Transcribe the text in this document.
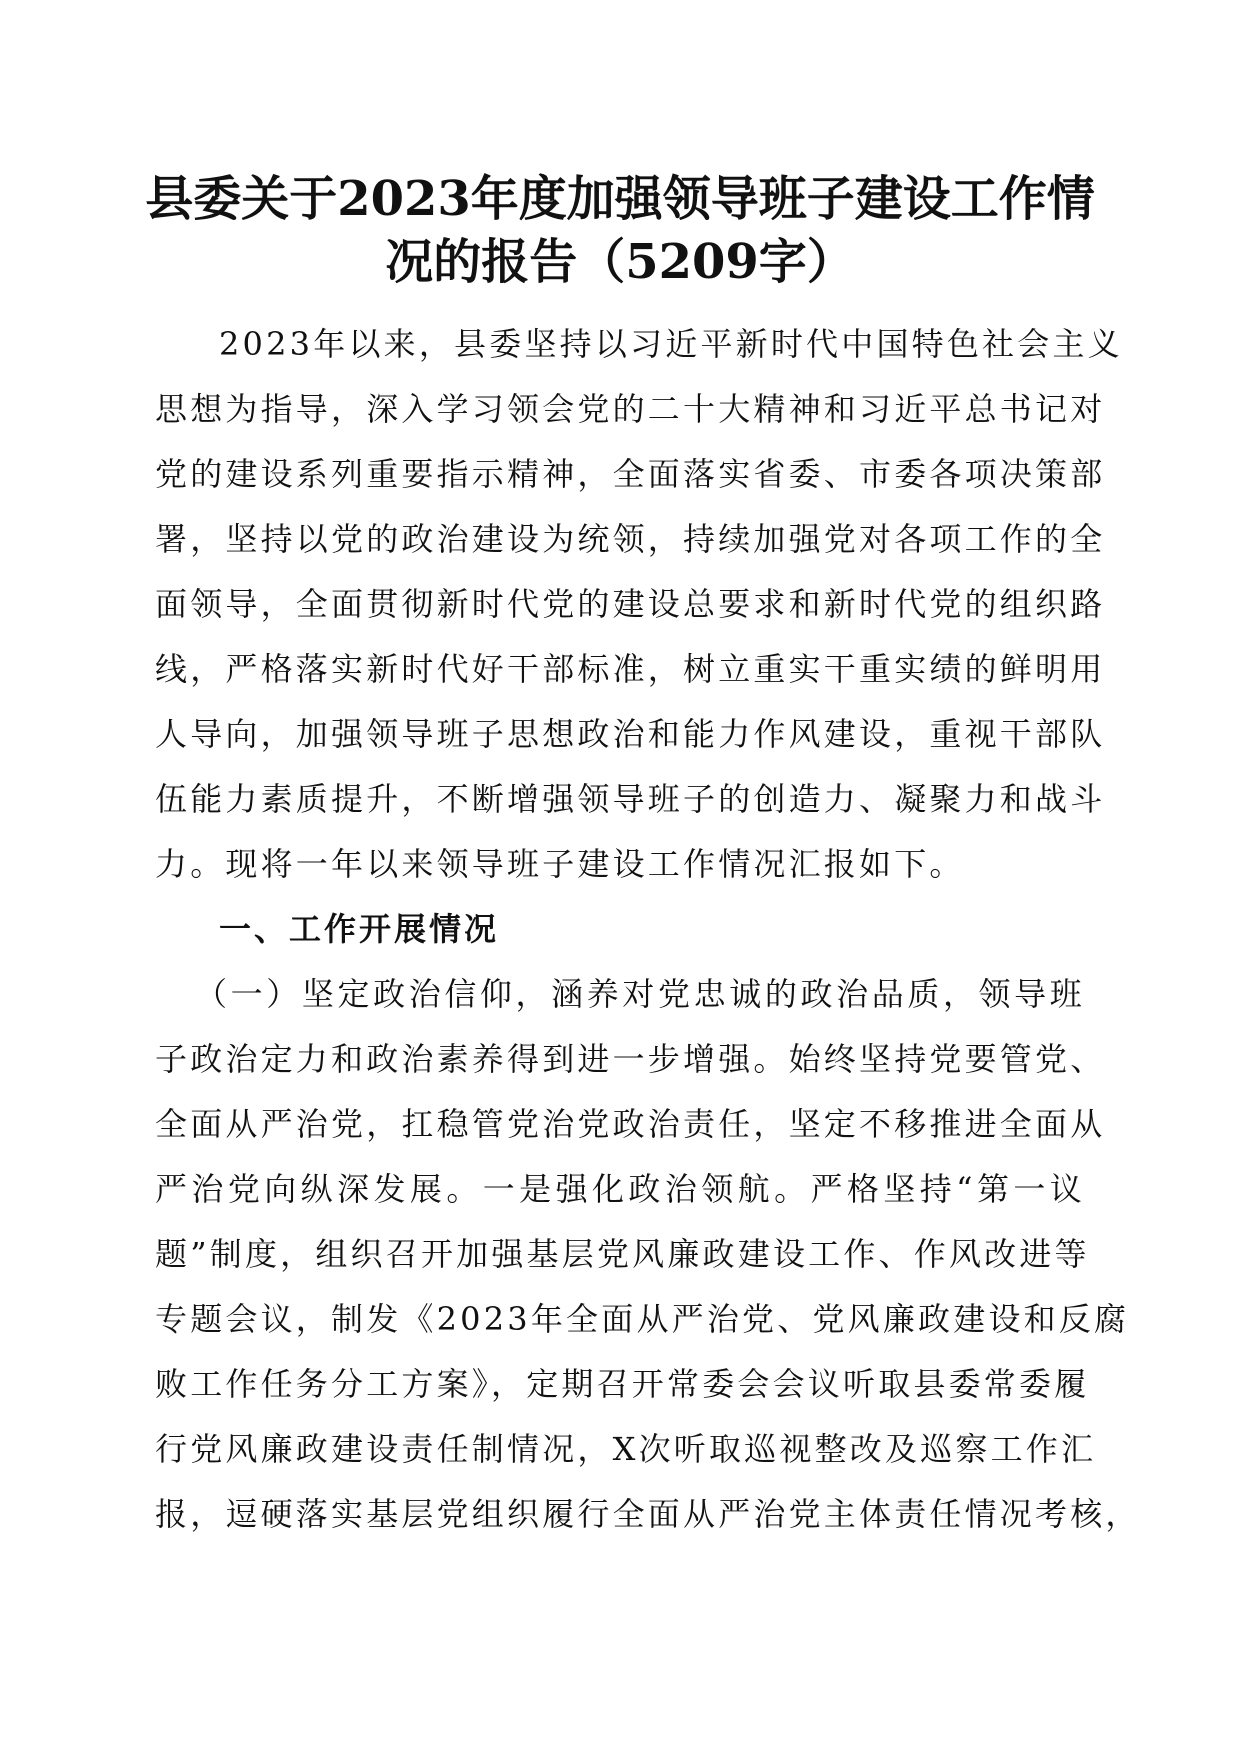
县委关于2023年度加强领导班子建设工作情
况的报告（5209字）
2023年以来，县委坚持以习近平新时代中国特色社会主义
思想为指导，深入学习领会党的二十大精神和习近平总书记对
党的建设系列重要指示精神，全面落实省委、市委各项决策部
署，坚持以党的政治建设为统领，持续加强党对各项工作的全
面领导，全面贯彻新时代党的建设总要求和新时代党的组织路
线，严格落实新时代好干部标准，树立重实干重实绩的鲜明用
人导向，加强领导班子思想政治和能力作风建设，重视干部队
伍能力素质提升，不断增强领导班子的创造力、凝聚力和战斗
力。现将一年以来领导班子建设工作情况汇报如下。
一、工作开展情况
（一）坚定政治信仰，涵养对党忠诚的政治品质，领导班
子政治定力和政治素养得到进一步增强。始终坚持党要管党、
全面从严治党，扛稳管党治党政治责任，坚定不移推进全面从
严治党向纵深发展。一是强化政治领航。严格坚持“第一议
题”制度，组织召开加强基层党风廉政建设工作、作风改进等
专题会议，制发《2023年全面从严治党、党风廉政建设和反腐
败工作任务分工方案》，定期召开常委会会议听取县委常委履
行党风廉政建设责任制情况，X次听取巡视整改及巡察工作汇
报，逗硬落实基层党组织履行全面从严治党主体责任情况考核，
